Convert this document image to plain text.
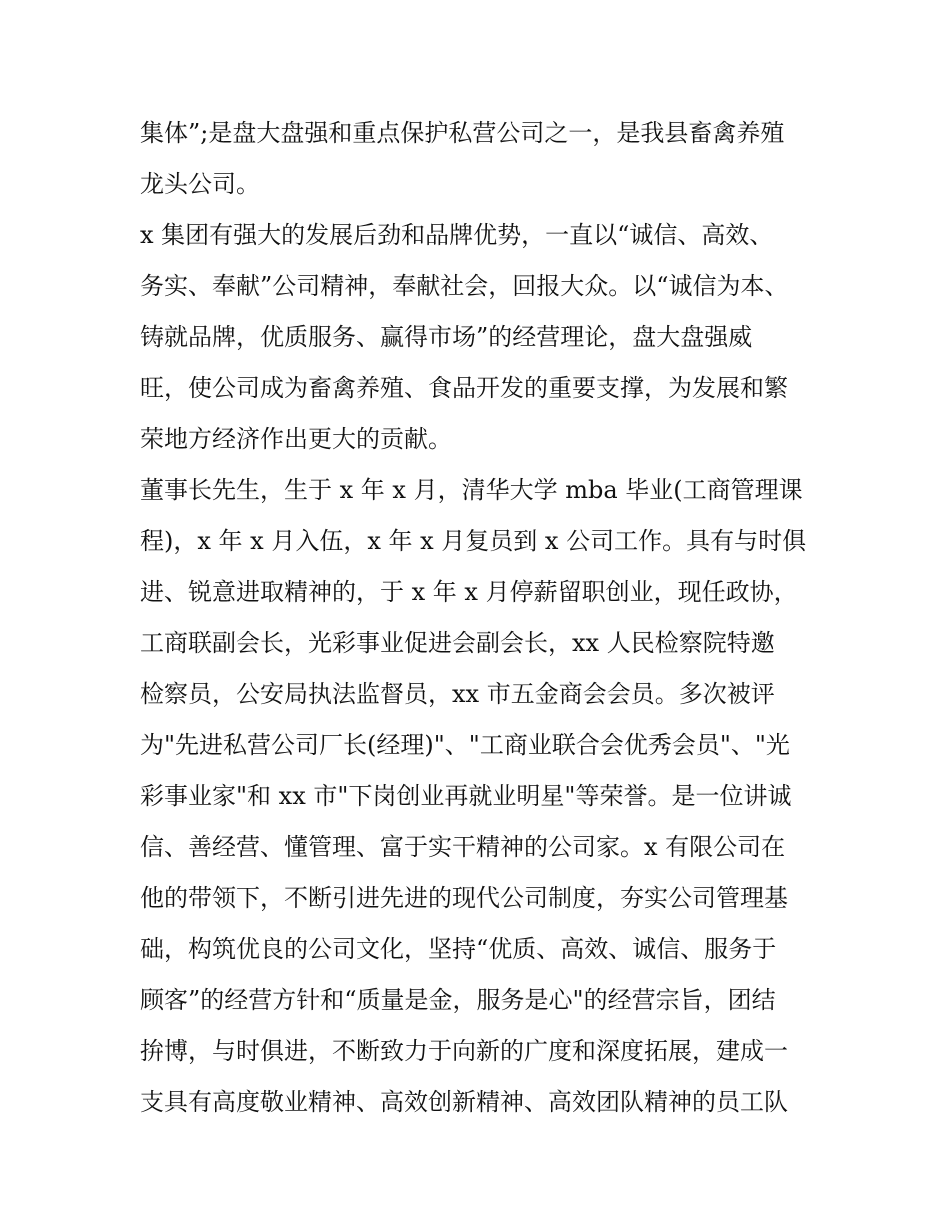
集体”;是盘大盘强和重点保护私营公司之一，是我县畜禽养殖
龙头公司。
x 集团有强大的发展后劲和品牌优势，一直以“诚信、高效、
务实、奉献”公司精神，奉献社会，回报大众。以“诚信为本、
铸就品牌，优质服务、赢得市场”的经营理论，盘大盘强威
旺，使公司成为畜禽养殖、食品开发的重要支撑，为发展和繁
荣地方经济作出更大的贡献。
董事长先生，生于 x 年 x 月，清华大学 mba 毕业(工商管理课
程)，x 年 x 月入伍，x 年 x 月复员到 x 公司工作。具有与时俱
进、锐意进取精神的，于 x 年 x 月停薪留职创业，现任政协，
工商联副会长，光彩事业促进会副会长，xx 人民检察院特邀
检察员，公安局执法监督员，xx 市五金商会会员。多次被评
为"先进私营公司厂长(经理)"、"工商业联合会优秀会员"、"光
彩事业家"和 xx 市"下岗创业再就业明星"等荣誉。是一位讲诚
信、善经营、懂管理、富于实干精神的公司家。x 有限公司在
他的带领下，不断引进先进的现代公司制度，夯实公司管理基
础，构筑优良的公司文化，坚持“优质、高效、诚信、服务于
顾客”的经营方针和“质量是金，服务是心"的经营宗旨，团结
拚博，与时俱进，不断致力于向新的广度和深度拓展，建成一
支具有高度敬业精神、高效创新精神、高效团队精神的员工队
